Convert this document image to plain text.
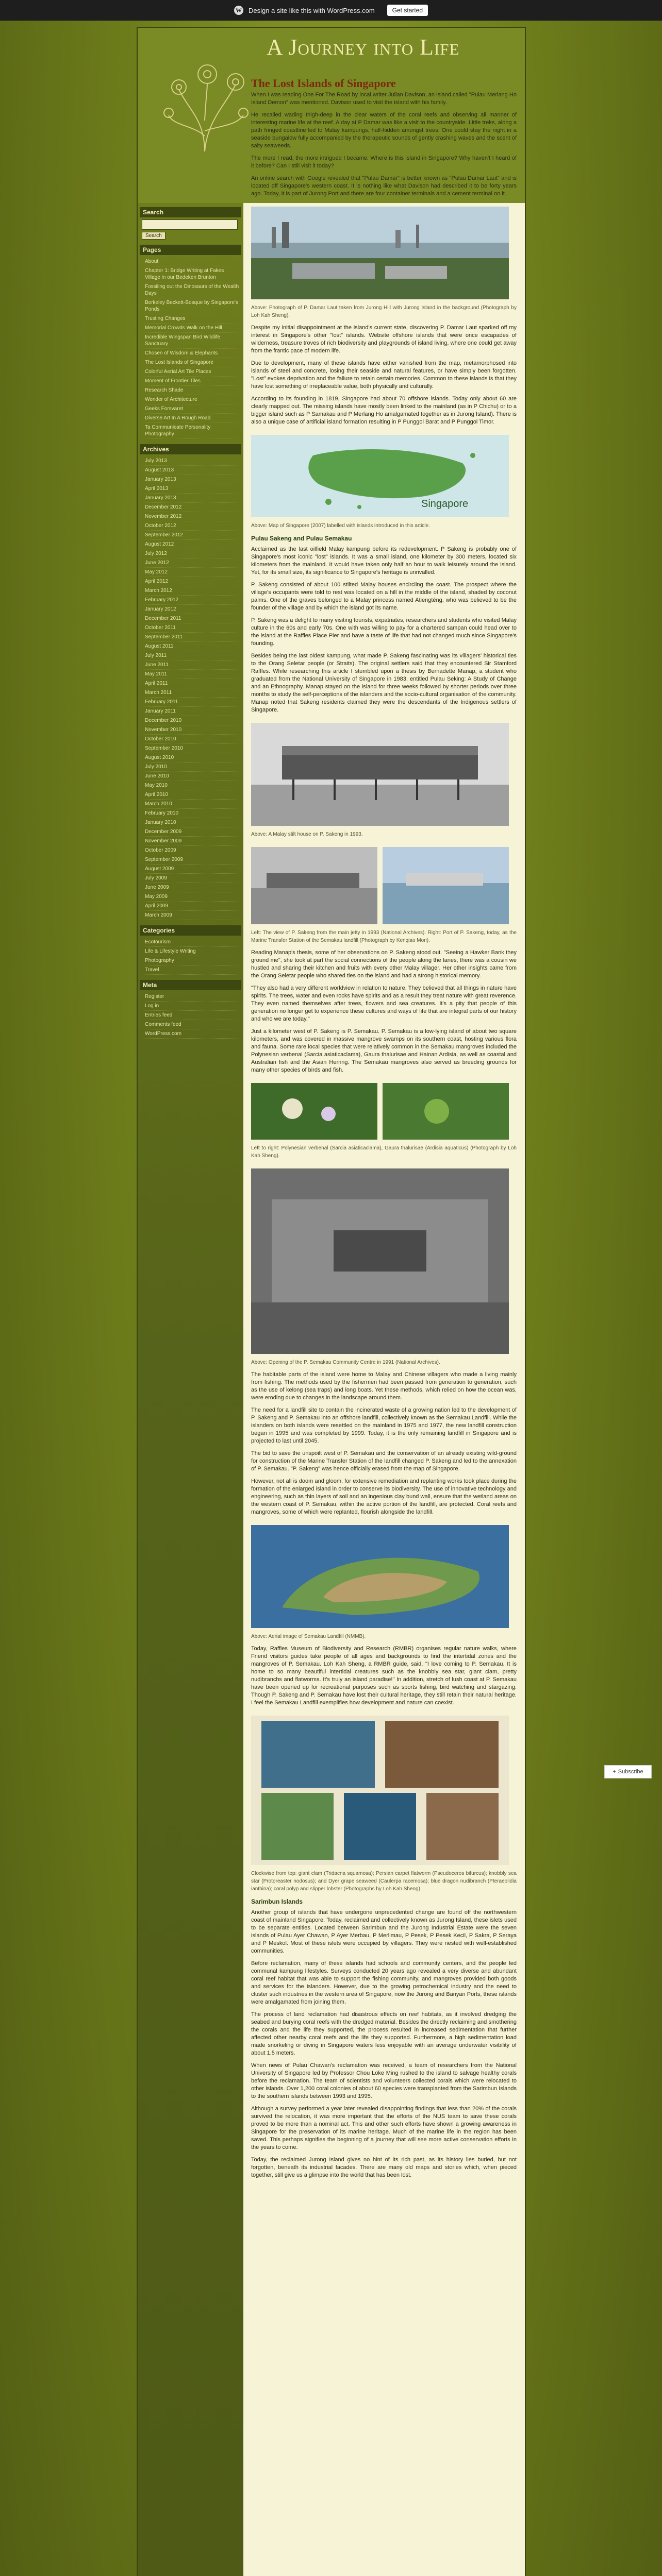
W Design a site like this with WordPress.com	Get started
A Journey into Life
Search

Search
Pages
About
Chapter 1: Bridge Writing at Fakes Village in our Bedeken Brunton
Fossiling out the Dinosaurs of the Wealth Days
Berkeley Beckett-Bosque by Singapore's Ponds
Trusting Changes
Memorial Crowds Walk on the Hill
Incredible Wingspan Bird Wildlife Sanctuary
Chosen of Wisdom & Elephants
The Lost Islands of Singapore
Colorful Aerial Art Tile Places
Moment of Frontier Tiles
Research Shade
Wonder of Architecture
Geeks Forsvaret
Diverse Art In A Rough Road
Ta Communicate Personality Photography
Archives
July 2013
August 2013
January 2013
April 2013
January 2013
December 2012
November 2012
October 2012
September 2012
August 2012
July 2012
June 2012
May 2012
April 2012
March 2012
February 2012
January 2012
December 2011
October 2011
September 2011
August 2011
July 2011
June 2011
May 2011
April 2011
March 2011
February 2011
January 2011
December 2010
November 2010
October 2010
September 2010
August 2010
July 2010
June 2010
May 2010
April 2010
March 2010
February 2010
January 2010
December 2009
November 2009
October 2009
September 2009
August 2009
July 2009
June 2009
May 2009
April 2009
March 2009
Categories
Ecotourism
Life & Lifestyle Writing
Photography
Travel
Meta
Register
Log in
Entries feed
Comments feed
WordPress.com
The Lost Islands of Singapore

When I was reading One For The Road by local writer Julian Davison, an island called "Pulau Merlang Ho Island Demon" was mentioned. Davison used to visit the island with his family.

He recalled wading thigh-deep in the clear waters of the coral reefs and observing all manner of interesting marine life at the reef. A day at P Damar was like a visit to the countryside. Little treks, along a path fringed coastline led to Malay kampungs, half-hidden amongst trees. One could stay the night in a seaside bungalow fully accompanied by the therapeutic sounds of gently crashing waves and the scent of salty seaweeds.

The more I read, the more intrigued I became. Where is this island in Singapore? Why haven't I heard of it before? Can I still visit it today?

An online search with Google revealed that "Pulau Damar" is better known as "Pulau Damar Laut" and is located off Singapore's western coast. It is nothing like what Davison had described it to be forty years ago. Today, it is part of Jurong Port and there are four container terminals and a cement terminal on it.

Above: Photograph of P. Damar Laut taken from Jurong Hill with Jurong Island in the background (Photograph by Loh Kah Sheng).

Despite my initial disappointment at the island's current state, discovering P. Damar Laut sparked off my interest in Singapore's other "lost" islands. Website offshore islands that were once escapades of wilderness, treasure troves of rich biodiversity and playgrounds of island living, where one could get away from the frantic pace of modern life.

Due to development, many of these islands have either vanished from the map, metamorphosed into islands of steel and concrete, losing their seaside and natural features, or have simply been forgotten. "Lost" evokes deprivation and the failure to retain certain memories. Common to these islands is that they have lost something of irreplaceable value, both physically and culturally.

According to its founding in 1819, Singapore had about 70 offshore islands. Today only about 60 are clearly mapped out. The missing islands have mostly been linked to the mainland (as in P Chichu) or to a bigger island such as P Samakau and P Merlang Ho amalgamated together as in Jurong Island). There is also a unique case of artificial island formation resulting in P Punggol Barat and P Punggol Timor.

Singapore

Above: Map of Singapore (2007) labelled with islands introduced in this article.

Pulau Sakeng and Pulau Semakau

Acclaimed as the last oilfield Malay kampung before its redevelopment. P Sakeng is probably one of Singapore's most iconic "lost" islands. It was a small island, one kilometer by 300 meters, located six kilometers from the mainland. It would have taken only half an hour to walk leisurely around the island. Yet, for its small size, its significance to Singapore's heritage is unrivalled.

P. Sakeng consisted of about 100 stilted Malay houses encircling the coast. The prospect where the village's occupants were told to rest was located on a hill in the middle of the island, shaded by coconut palms. One of the graves belonged to a Malay princess named Atiengténg, who was believed to be the founder of the village and by which the island got its name.

P. Sakeng was a delight to many visiting tourists, expatriates, researchers and students who visited Malay culture in the 60s and early 70s. One with was willing to pay for a chartered sampan could head over to the island at the Raffles Place Pier and have a taste of life that had not changed much since Singapore's founding.

Besides being the last oldest kampung, what made P. Sakeng fascinating was its villagers' historical ties to the Orang Seletar people (or Straits). The original settlers said that they encountered Sir Stamford Raffles. While researching this article I stumbled upon a thesis by Bernadette Manap, a student who graduated from the National University of Singapore in 1983, entitled Pulau Seking: A Study of Change and an Ethnography. Manap stayed on the island for three weeks followed by shorter periods over three months to study the self-perceptions of the islanders and the socio-cultural organisation of the community. Manap noted that Sakeng residents claimed they were the descendants of the Indigenous settlers of Singapore.

Above: A Malay stilt house on P. Sakeng in 1993.

Left: The view of P. Sakeng from the main jetty in 1993 (National Archives). Right: Port of P. Sakeng, today, as the Marine Transfer Station of the Semakau landfill (Photograph by Kenqiao Mori).

Reading Manap's thesis, some of her observations on P. Sakeng stood out. "Seeing a Hawker Bank they ground me", she took at part the social connections of the people along the lanes, there was a cousin we hustled and sharing their kitchen and fruits with every other Malay villager. Her other insights came from the Orang Seletar people who shared ties on the island and had a strong historical memory.

"They also had a very different worldview in relation to nature. They believed that all things in nature have spirits. The trees, water and even rocks have spirits and as a result they treat nature with great reverence. They even named themselves after trees, flowers and sea creatures. It's a pity that people of this generation no longer get to experience these cultures and ways of life that are integral parts of our history and who we are today."

Just a kilometer west of P. Sakeng is P. Semakau. P. Semakau is a low-lying island of about two square kilometers, and was covered in massive mangrove swamps on its southern coast, hosting various flora and fauna. Some rare local species that were relatively common in the Semakau mangroves included the Polynesian verbenal (Sarcia asiaticaclama), Gaura thalurisae and Hainan Ardisia, as well as coastal and Australian fish and the Asian Herring. The Semakau mangroves also served as breeding grounds for many other species of birds and fish.

Left to right: Polynesian verbenal (Sarcia asiaticaclama), Gaura thalurisae (Ardisia aquaticus) (Photograph by Loh Kah Sheng).

Above: Opening of the P. Semakau Community Centre in 1991 (National Archives).

The habitable parts of the island were home to Malay and Chinese villagers who made a living mainly from fishing. The methods used by the fishermen had been passed from generation to generation, such as the use of kelong (sea traps) and long boats. Yet these methods, which relied on how the ocean was, were eroding due to changes in the landscape around them.

The need for a landfill site to contain the incinerated waste of a growing nation led to the development of P. Sakeng and P. Semakau into an offshore landfill, collectively known as the Semakau Landfill. While the islanders on both islands were resettled on the mainland in 1975 and 1977, the new landfill construction began in 1995 and was completed by 1999. Today, it is the only remaining landfill in Singapore and is projected to last until 2045.

The bid to save the unspoilt west of P. Semakau and the conservation of an already existing wild-ground for construction of the Marine Transfer Station of the landfill changed P. Sakeng and led to the annexation of P. Semakau. "P. Sakeng" was hence officially erased from the map of Singapore.

However, not all is doom and gloom, for extensive remediation and replanting works took place during the formation of the enlarged island in order to conserve its biodiversity. The use of innovative technology and engineering, such as thin layers of soil and an ingenious clay bund wall, ensure that the wetland areas on the western coast of P. Semakau, within the active portion of the landfill, are protected. Coral reefs and mangroves, some of which were replanted, flourish alongside the landfill.

Above: Aerial image of Semakau Landfill (NMMB).

Today, Raffles Museum of Biodiversity and Research (RMBR) organises regular nature walks, where Friend visitors guides take people of all ages and backgrounds to find the intertidal zones and the mangroves of P. Semakau. Loh Kah Sheng, a RMBR guide, said, "I love coming to P. Semakau. It is home to so many beautiful intertidal creatures such as the knobbly sea star, giant clam, pretty nudibranchs and flatworms. It's truly an island paradise!" In addition, stretch of lush coast at P. Semakau have been opened up for recreational purposes such as sports fishing, bird watching and stargazing. Though P. Sakeng and P. Semakau have lost their cultural heritage, they still retain their natural heritage. I feel the Semakau Landfill exemplifies how development and nature can coexist.

Clockwise from top: giant clam (Tridacna squamosa); Persian carpet flatworm (Pseudoceros bifurcus); knobbly sea star (Protoreaster nodosus); and Dyer grape seaweed (Caulerpa racemosa); blue dragon nudibranch (Pteraeolidia ianthina); coral polyp and slipper lobster (Photographs by Loh Kah Sheng).

Sarimbun Islands

Another group of islands that have undergone unprecedented change are found off the northwestern coast of mainland Singapore. Today, reclaimed and collectively known as Jurong Island, these islets used to be separate entities. Located between Sarimbun and the Jurong Industrial Estate were the seven islands of Pulau Ayer Chawan, P Ayer Merbau, P Merlimau, P Pesek, P Pesek Kecil, P Sakra, P Seraya and P Meskol. Most of these islets were occupied by villagers. They were nested with well-established communities.

Before reclamation, many of these islands had schools and community centers, and the people led communal kampung lifestyles. Surveys conducted 20 years ago revealed a very diverse and abundant coral reef habitat that was able to support the fishing community, and mangroves provided both goods and services for the islanders. However, due to the growing petrochemical industry and the need to cluster such industries in the western area of Singapore, now the Jurong and Banyan Ports, these islands were amalgamated from joining them.

The process of land reclamation had disastrous effects on reef habitats, as it involved dredging the seabed and burying coral reefs with the dredged material. Besides the directly reclaiming and smothering the corals and the life they supported, the process resulted in increased sedimentation that further affected other nearby coral reefs and the life they supported. Furthermore, a high sedimentation load made snorkeling or diving in Singapore waters less enjoyable with an average underwater visibility of about 1.5 meters.

When news of Pulau Chawan's reclamation was received, a team of researchers from the National University of Singapore led by Professor Chou Loke Ming rushed to the island to salvage healthy corals before the reclamation. The team of scientists and volunteers collected corals which were relocated to other islands. Over 1,200 coral colonies of about 60 species were transplanted from the Sarimbun Islands to the southern islands between 1993 and 1995.

Although a survey performed a year later revealed disappointing findings that less than 20% of the corals survived the relocation, it was more important that the efforts of the NUS team to save these corals proved to be more than a nominal act. This and other such efforts have shown a growing awareness in Singapore for the preservation of its marine heritage. Much of the marine life in the region has been saved. This perhaps signifies the beginning of a journey that will see more active conservation efforts in the years to come.

Today, the reclaimed Jurong Island gives no hint of its rich past, as its history lies buried, but not forgotten, beneath its industrial facades. There are many old maps and stories which, when pieced together, still give us a glimpse into the world that has been lost.

+ Subscribe
